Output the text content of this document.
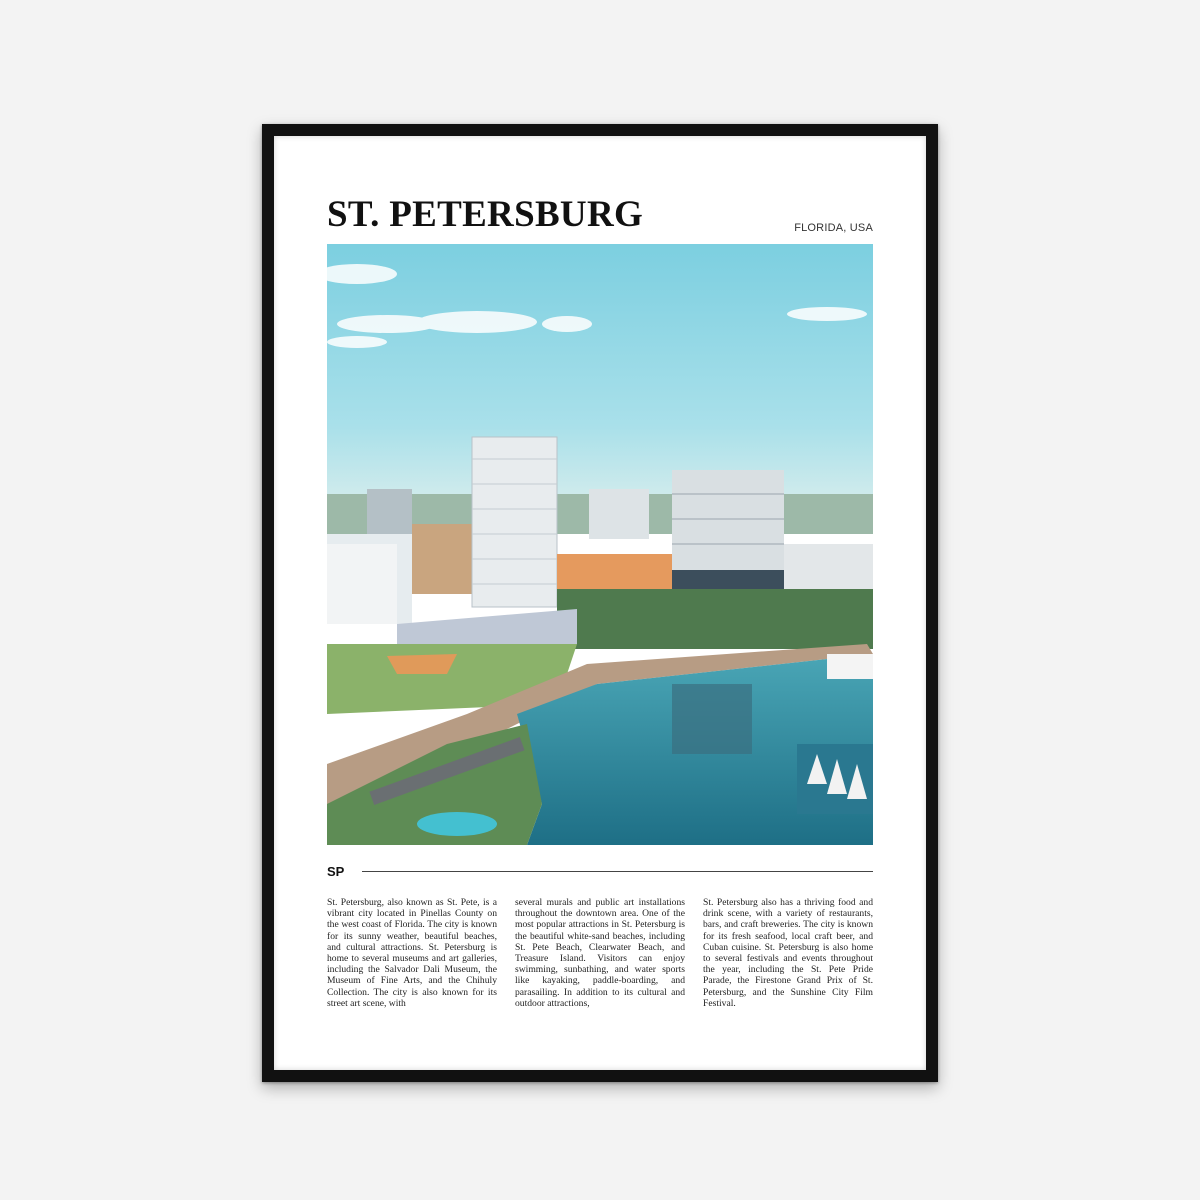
ST. PETERSBURG	FLORIDA, USA
SP
St. Petersburg, also known as St. Pete, is a vibrant city located in Pinellas County on the west coast of Florida. The city is known for its sunny weather, beautiful beaches, and cultural attractions. St. Petersburg is home to several museums and art galleries, including the Salvador Dali Museum, the Museum of Fine Arts, and the Chihuly Collection. The city is also known for its street art scene, with
several murals and public art installations throughout the downtown area. One of the most popular attractions in St. Petersburg is the beautiful white-sand beaches, including St. Pete Beach, Clearwater Beach, and Treasure Island. Visitors can enjoy swimming, sunbathing, and water sports like kayaking, paddle-boarding, and parasailing. In addition to its cultural and outdoor attractions,
St. Petersburg also has a thriving food and drink scene, with a variety of restaurants, bars, and craft breweries. The city is known for its fresh seafood, local craft beer, and Cuban cuisine. St. Petersburg is also home to several festivals and events throughout the year, including the St. Pete Pride Parade, the Firestone Grand Prix of St. Petersburg, and the Sunshine City Film Festival.
